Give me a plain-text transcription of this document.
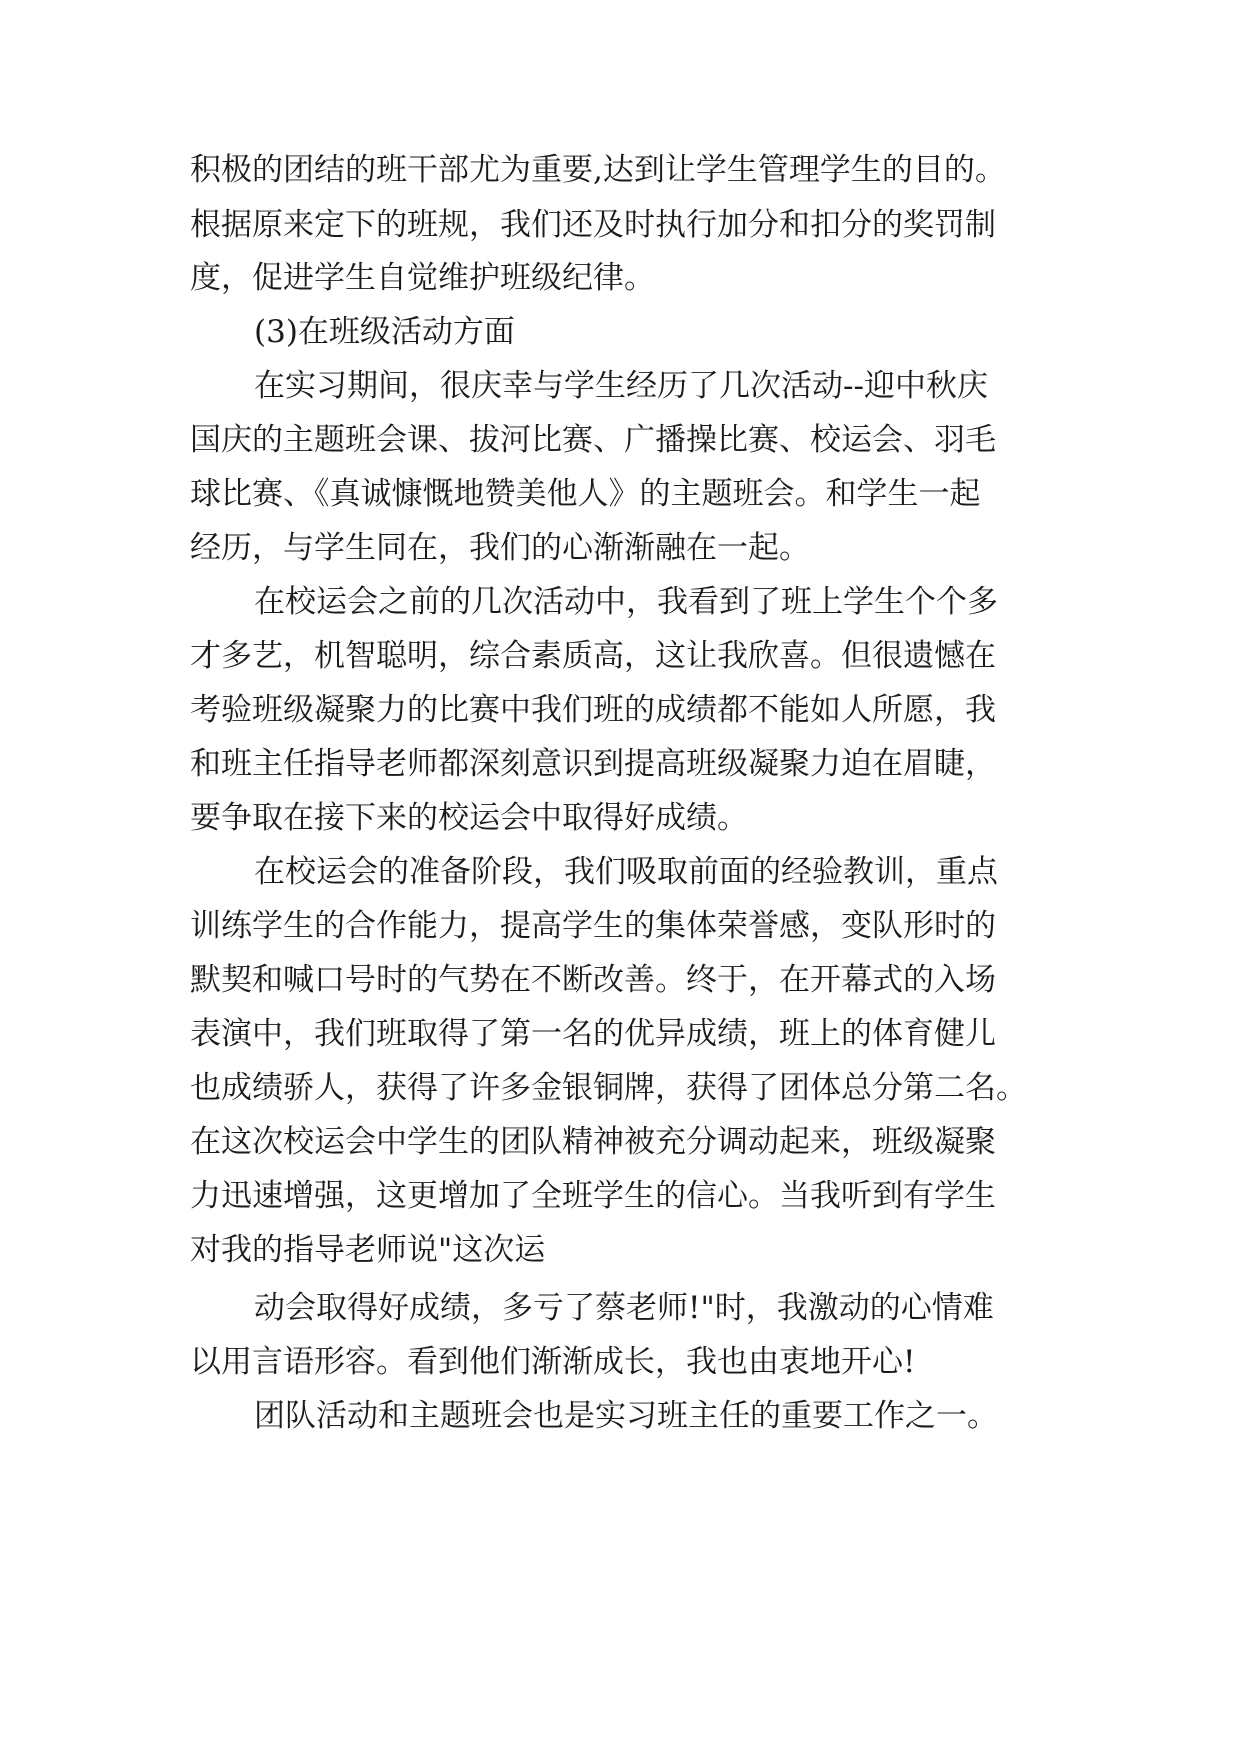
积极的团结的班干部尤为重要,达到让学生管理学生的目的。
根据原来定下的班规，我们还及时执行加分和扣分的奖罚制
度，促进学生自觉维护班级纪律。
(3)在班级活动方面
在实习期间，很庆幸与学生经历了几次活动--迎中秋庆
国庆的主题班会课、拔河比赛、广播操比赛、校运会、羽毛
球比赛、《真诚慷慨地赞美他人》的主题班会。和学生一起
经历，与学生同在，我们的心渐渐融在一起。
在校运会之前的几次活动中，我看到了班上学生个个多
才多艺，机智聪明，综合素质高，这让我欣喜。但很遗憾在
考验班级凝聚力的比赛中我们班的成绩都不能如人所愿，我
和班主任指导老师都深刻意识到提高班级凝聚力迫在眉睫，
要争取在接下来的校运会中取得好成绩。
在校运会的准备阶段，我们吸取前面的经验教训，重点
训练学生的合作能力，提高学生的集体荣誉感，变队形时的
默契和喊口号时的气势在不断改善。终于，在开幕式的入场
表演中，我们班取得了第一名的优异成绩，班上的体育健儿
也成绩骄人，获得了许多金银铜牌，获得了团体总分第二名。
在这次校运会中学生的团队精神被充分调动起来，班级凝聚
力迅速增强，这更增加了全班学生的信心。当我听到有学生
对我的指导老师说"这次运
动会取得好成绩，多亏了蔡老师!"时，我激动的心情难
以用言语形容。看到他们渐渐成长，我也由衷地开心!
团队活动和主题班会也是实习班主任的重要工作之一。
